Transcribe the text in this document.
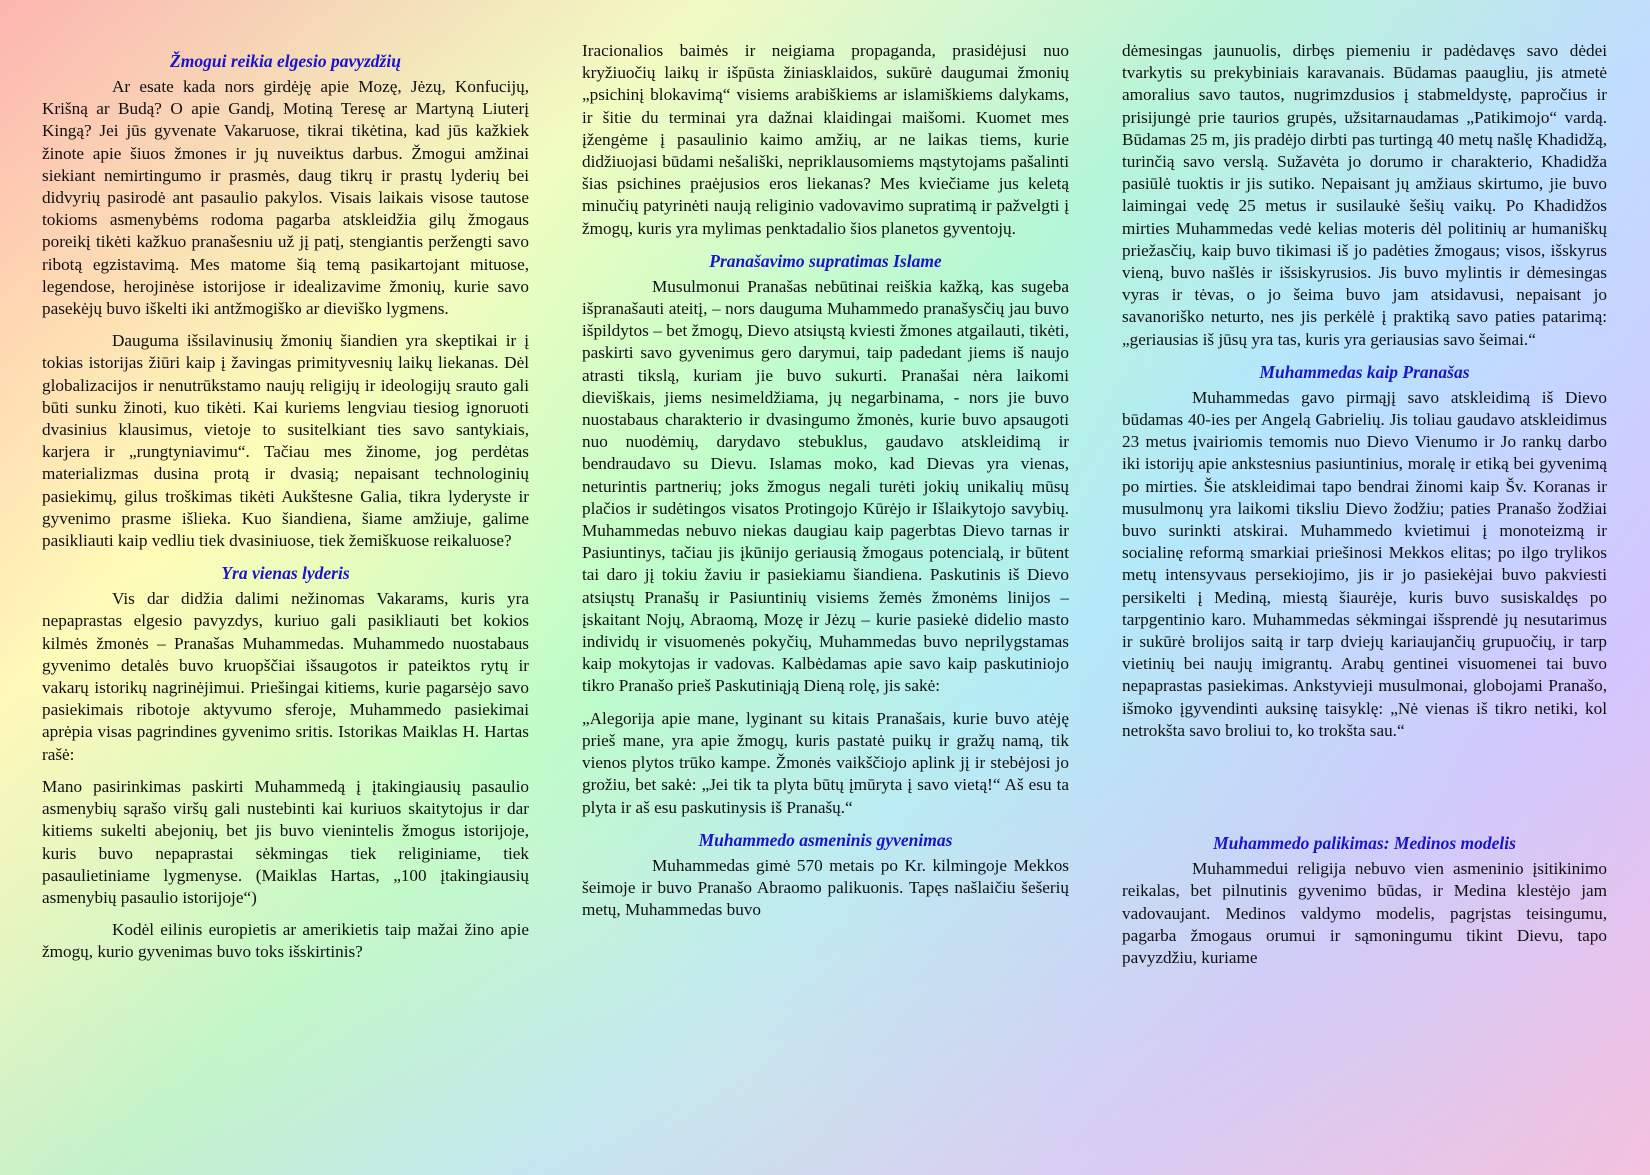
Žmogui reikia elgesio pavyzdžių

Ar esate kada nors girdėję apie Mozę, Jėzų, Konfucijų, Krišną ar Budą? O apie Gandį, Motiną Teresę ar Martyną Liuterį Kingą? Jei jūs gyvenate Vakaruose, tikrai tikėtina, kad jūs kažkiek žinote apie šiuos žmones ir jų nuveiktus darbus. Žmogui amžinai siekiant nemirtingumo ir prasmės, daug tikrų ir prastų lyderių bei didvyrių pasirodė ant pasaulio pakylos. Visais laikais visose tautose tokioms asmenybėms rodoma pagarba atskleidžia gilų žmogaus poreikį tikėti kažkuo pranašesniu už jį patį, stengiantis peržengti savo ribotą egzistavimą. Mes matome šią temą pasikartojant mituose, legendose, herojinėse istorijose ir idealizavime žmonių, kurie savo pasekėjų buvo iškelti iki antžmogiško ar dieviško lygmens.

Dauguma išsilavinusių žmonių šiandien yra skeptikai ir į tokias istorijas žiūri kaip į žavingas primityvesnių laikų liekanas. Dėl globalizacijos ir nenutrūkstamo naujų religijų ir ideologijų srauto gali būti sunku žinoti, kuo tikėti. Kai kuriems lengviau tiesiog ignoruoti dvasinius klausimus, vietoje to susitelkiant ties savo santykiais, karjera ir „rungtyniavimu“. Tačiau mes žinome, jog perdėtas materializmas dusina protą ir dvasią; nepaisant technologinių pasiekimų, gilus troškimas tikėti Aukštesne Galia, tikra lyderyste ir gyvenimo prasme išlieka. Kuo šiandiena, šiame amžiuje, galime pasikliauti kaip vedliu tiek dvasiniuose, tiek žemiškuose reikaluose?

Yra vienas lyderis

Vis dar didžia dalimi nežinomas Vakarams, kuris yra nepaprastas elgesio pavyzdys, kuriuo gali pasikliauti bet kokios kilmės žmonės – Pranašas Muhammedas. Muhammedo nuostabaus gyvenimo detalės buvo kruopščiai išsaugotos ir pateiktos rytų ir vakarų istorikų nagrinėjimui. Priešingai kitiems, kurie pagarsėjo savo pasiekimais ribotoje aktyvumo sferoje, Muhammedo pasiekimai aprėpia visas pagrindines gyvenimo sritis. Istorikas Maiklas H. Hartas rašė:

Mano pasirinkimas paskirti Muhammedą į įtakingiausių pasaulio asmenybių sąrašo viršų gali nustebinti kai kuriuos skaitytojus ir dar kitiems sukelti abejonių, bet jis buvo vienintelis žmogus istorijoje, kuris buvo nepaprastai sėkmingas tiek religiniame, tiek pasaulietiniame lygmenyse. (Maiklas Hartas, „100 įtakingiausių asmenybių pasaulio istorijoje“)

Kodėl eilinis europietis ar amerikietis taip mažai žino apie žmogų, kurio gyvenimas buvo toks išskirtinis?

Iracionalios baimės ir neigiama propaganda, prasidėjusi nuo kryžiuočių laikų ir išpūsta žiniasklaidos, sukūrė daugumai žmonių „psichinį blokavimą“ visiems arabiškiems ar islamiškiems dalykams, ir šitie du terminai yra dažnai klaidingai maišomi. Kuomet mes įžengėme į pasaulinio kaimo amžių, ar ne laikas tiems, kurie didžiuojasi būdami nešališki, nepriklausomiems mąstytojams pašalinti šias psichines praėjusios eros liekanas? Mes kviečiame jus keletą minučių patyrinėti naują religinio vadovavimo supratimą ir pažvelgti į žmogų, kuris yra mylimas penktadalio šios planetos gyventojų.

Pranašavimo supratimas Islame

Musulmonui Pranašas nebūtinai reiškia kažką, kas sugeba išpranašauti ateitį, – nors dauguma Muhammedo pranašysčių jau buvo išpildytos – bet žmogų, Dievo atsiųstą kviesti žmones atgailauti, tikėti, paskirti savo gyvenimus gero darymui, taip padedant jiems iš naujo atrasti tikslą, kuriam jie buvo sukurti. Pranašai nėra laikomi dieviškais, jiems nesimeldžiama, jų negarbinama, - nors jie buvo nuostabaus charakterio ir dvasingumo žmonės, kurie buvo apsaugoti nuo nuodėmių, darydavo stebuklus, gaudavo atskleidimą ir bendraudavo su Dievu. Islamas moko, kad Dievas yra vienas, neturintis partnerių; joks žmogus negali turėti jokių unikalių mūsų plačios ir sudėtingos visatos Protingojo Kūrėjo ir Išlaikytojo savybių. Muhammedas nebuvo niekas daugiau kaip pagerbtas Dievo tarnas ir Pasiuntinys, tačiau jis įkūnijo geriausią žmogaus potencialą, ir būtent tai daro jį tokiu žaviu ir pasiekiamu šiandiena. Paskutinis iš Dievo atsiųstų Pranašų ir Pasiuntinių visiems žemės žmonėms linijos – įskaitant Nojų, Abraomą, Mozę ir Jėzų – kurie pasiekė didelio masto individų ir visuomenės pokyčių, Muhammedas buvo neprilygstamas kaip mokytojas ir vadovas. Kalbėdamas apie savo kaip paskutiniojo tikro Pranašo prieš Paskutiniąją Dieną rolę, jis sakė:

„Alegorija apie mane, lyginant su kitais Pranašais, kurie buvo atėję prieš mane, yra apie žmogų, kuris pastatė puikų ir gražų namą, tik vienos plytos trūko kampe. Žmonės vaikščiojo aplink jį ir stebėjosi jo grožiu, bet sakė: „Jei tik ta plyta būtų įmūryta į savo vietą!“ Aš esu ta plyta ir aš esu paskutinysis iš Pranašų.“

Muhammedo asmeninis gyvenimas

Muhammedas gimė 570 metais po Kr. kilmingoje Mekkos šeimoje ir buvo Pranašo Abraomo palikuonis. Tapęs našlaičiu šešerių metų, Muhammedas buvo

dėmesingas jaunuolis, dirbęs piemeniu ir padėdavęs savo dėdei tvarkytis su prekybiniais karavanais. Būdamas paaugliu, jis atmetė amoralius savo tautos, nugrimzdusios į stabmeldystę, papročius ir prisijungė prie taurios grupės, užsitarnaudamas „Patikimojo“ vardą. Būdamas 25 m, jis pradėjo dirbti pas turtingą 40 metų našlę Khadidžą, turinčią savo verslą. Sužavėta jo dorumo ir charakterio, Khadidža pasiūlė tuoktis ir jis sutiko. Nepaisant jų amžiaus skirtumo, jie buvo laimingai vedę 25 metus ir susilaukė šešių vaikų. Po Khadidžos mirties Muhammedas vedė kelias moteris dėl politinių ar humaniškų priežasčių, kaip buvo tikimasi iš jo padėties žmogaus; visos, išskyrus vieną, buvo našlės ir išsiskyrusios. Jis buvo mylintis ir dėmesingas vyras ir tėvas, o jo šeima buvo jam atsidavusi, nepaisant jo savanoriško neturto, nes jis perkėlė į praktiką savo paties patarimą: „geriausias iš jūsų yra tas, kuris yra geriausias savo šeimai.“

Muhammedas kaip Pranašas

Muhammedas gavo pirmąjį savo atskleidimą iš Dievo būdamas 40-ies per Angelą Gabrielių. Jis toliau gaudavo atskleidimus 23 metus įvairiomis temomis nuo Dievo Vienumo ir Jo rankų darbo iki istorijų apie ankstesnius pasiuntinius, moralę ir etiką bei gyvenimą po mirties. Šie atskleidimai tapo bendrai žinomi kaip Šv. Koranas ir musulmonų yra laikomi tiksliu Dievo žodžiu; paties Pranašo žodžiai buvo surinkti atskirai. Muhammedo kvietimui į monoteizmą ir socialinę reformą smarkiai priešinosi Mekkos elitas; po ilgo trylikos metų intensyvaus persekiojimo, jis ir jo pasiekėjai buvo pakviesti persikelti į Mediną, miestą šiaurėje, kuris buvo susiskaldęs po tarpgentinio karo. Muhammedas sėkmingai išsprendė jų nesutarimus ir sukūrė brolijos saitą ir tarp dviejų kariaujančių grupuočių, ir tarp vietinių bei naujų imigrantų. Arabų gentinei visuomenei tai buvo nepaprastas pasiekimas. Ankstyvieji musulmonai, globojami Pranašo, išmoko įgyvendinti auksinę taisyklę: „Nė vienas iš tikro netiki, kol netrokšta savo broliui to, ko trokšta sau.“

Muhammedo palikimas: Medinos modelis

Muhammedui religija nebuvo vien asmeninio įsitikinimo reikalas, bet pilnutinis gyvenimo būdas, ir Medina klestėjo jam vadovaujant. Medinos valdymo modelis, pagrįstas teisingumu, pagarba žmogaus orumui ir sąmoningumu tikint Dievu, tapo pavyzdžiu, kuriame
